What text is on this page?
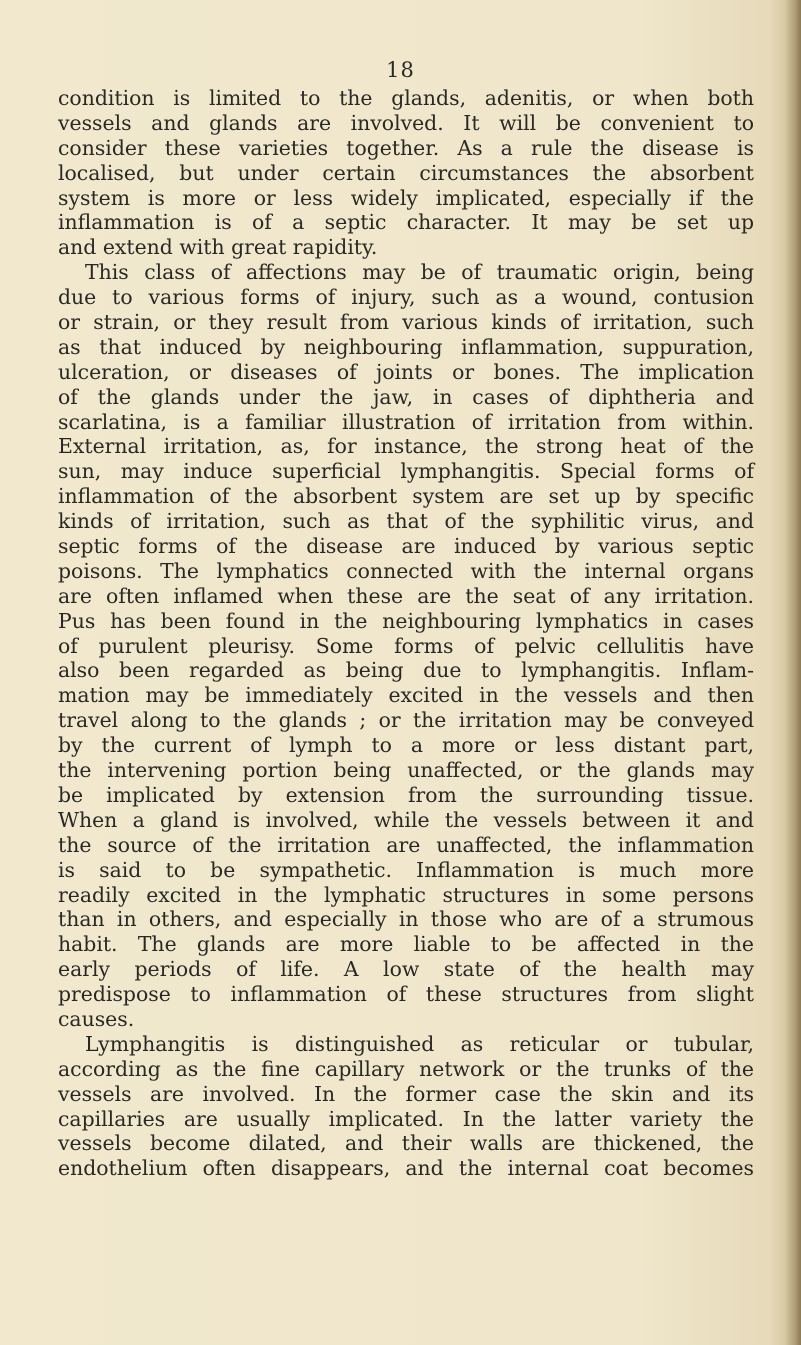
18
condition is limited to the glands, adenitis, or when both
vessels and glands are involved. It will be convenient to
consider these varieties together. As a rule the disease is
localised, but under certain circumstances the absorbent
system is more or less widely implicated, especially if the
inflammation is of a septic character. It may be set up
and extend with great rapidity.
This class of affections may be of traumatic origin, being
due to various forms of injury, such as a wound, contusion
or strain, or they result from various kinds of irritation, such
as that induced by neighbouring inflammation, suppuration,
ulceration, or diseases of joints or bones. The implication
of the glands under the jaw, in cases of diphtheria and
scarlatina, is a familiar illustration of irritation from within.
External irritation, as, for instance, the strong heat of the
sun, may induce superficial lymphangitis. Special forms of
inflammation of the absorbent system are set up by specific
kinds of irritation, such as that of the syphilitic virus, and
septic forms of the disease are induced by various septic
poisons. The lymphatics connected with the internal organs
are often inflamed when these are the seat of any irritation.
Pus has been found in the neighbouring lymphatics in cases
of purulent pleurisy. Some forms of pelvic cellulitis have
also been regarded as being due to lymphangitis. Inflam-
mation may be immediately excited in the vessels and then
travel along to the glands ; or the irritation may be conveyed
by the current of lymph to a more or less distant part,
the intervening portion being unaffected, or the glands may
be implicated by extension from the surrounding tissue.
When a gland is involved, while the vessels between it and
the source of the irritation are unaffected, the inflammation
is said to be sympathetic. Inflammation is much more
readily excited in the lymphatic structures in some persons
than in others, and especially in those who are of a strumous
habit. The glands are more liable to be affected in the
early periods of life. A low state of the health may
predispose to inflammation of these structures from slight
causes.
Lymphangitis is distinguished as reticular or tubular,
according as the fine capillary network or the trunks of the
vessels are involved. In the former case the skin and its
capillaries are usually implicated. In the latter variety the
vessels become dilated, and their walls are thickened, the
endothelium often disappears, and the internal coat becomes
